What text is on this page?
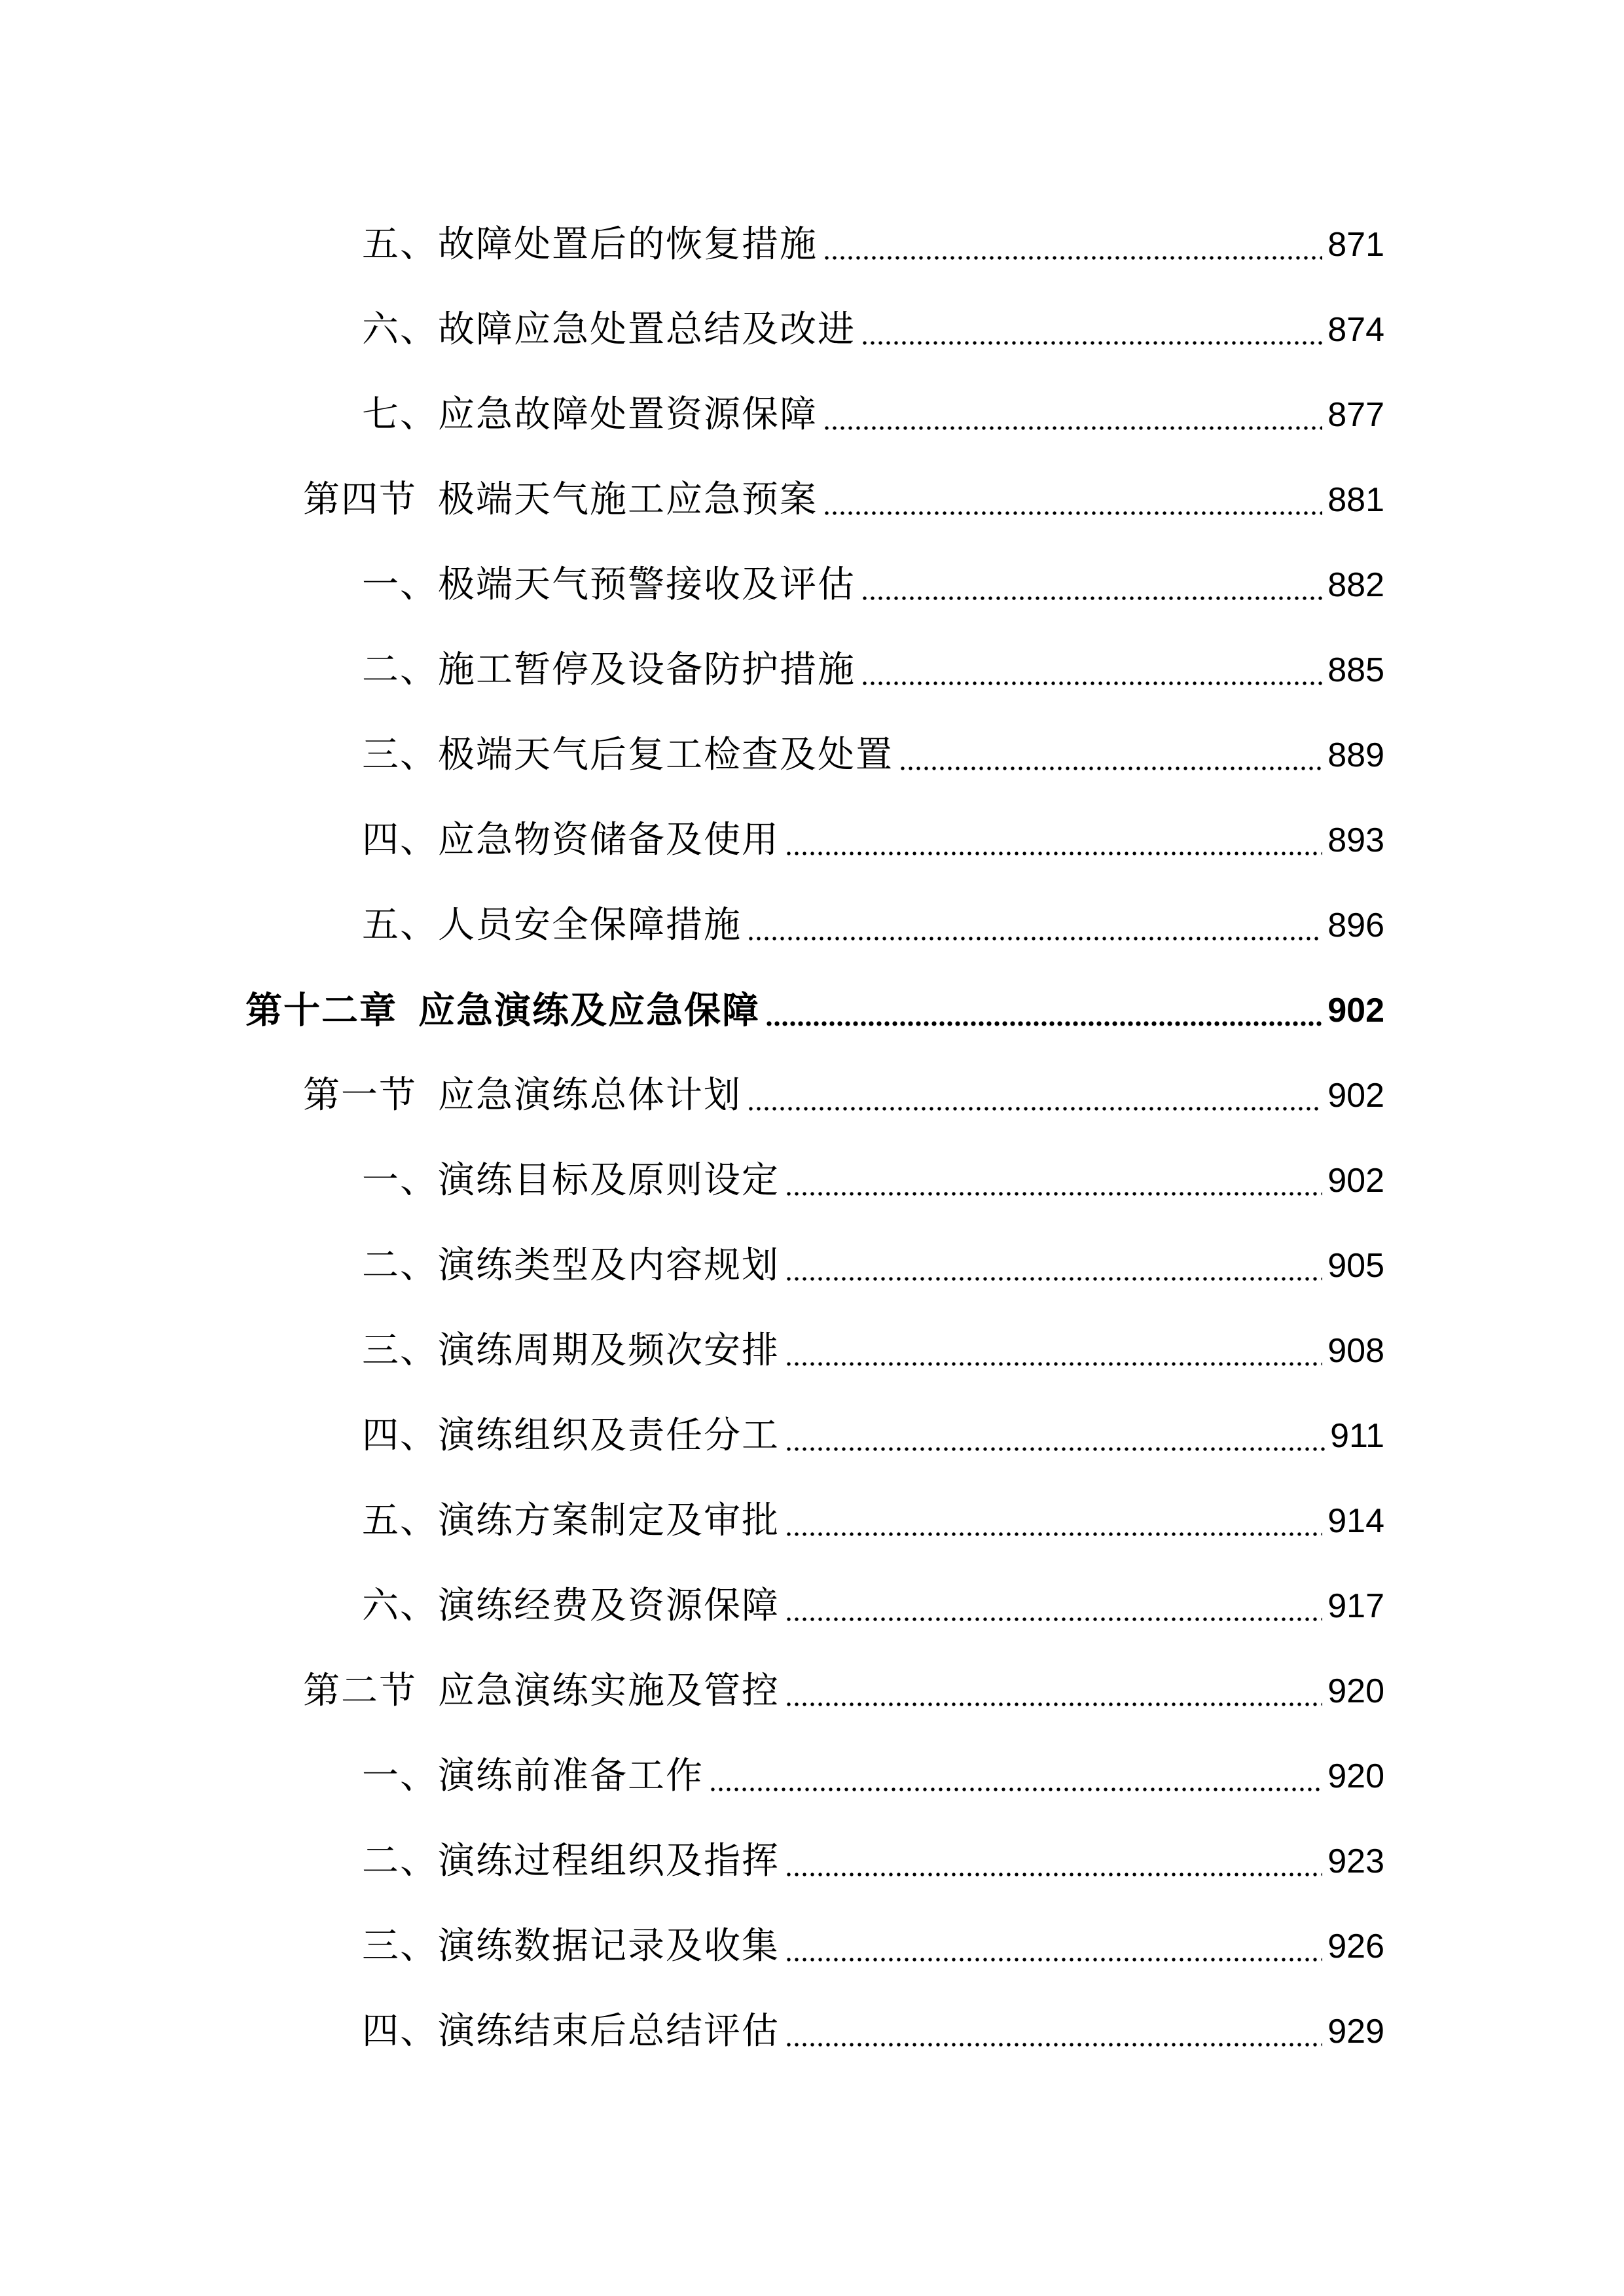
五、故障处置后的恢复措施	871
六、故障应急处置总结及改进	874
七、应急故障处置资源保障	877
第四节 极端天气施工应急预案	881
一、极端天气预警接收及评估	882
二、施工暂停及设备防护措施	885
三、极端天气后复工检查及处置	889
四、应急物资储备及使用	893
五、人员安全保障措施	896
第十二章 应急演练及应急保障	902
第一节 应急演练总体计划	902
一、演练目标及原则设定	902
二、演练类型及内容规划	905
三、演练周期及频次安排	908
四、演练组织及责任分工	911
五、演练方案制定及审批	914
六、演练经费及资源保障	917
第二节 应急演练实施及管控	920
一、演练前准备工作	920
二、演练过程组织及指挥	923
三、演练数据记录及收集	926
四、演练结束后总结评估	929
